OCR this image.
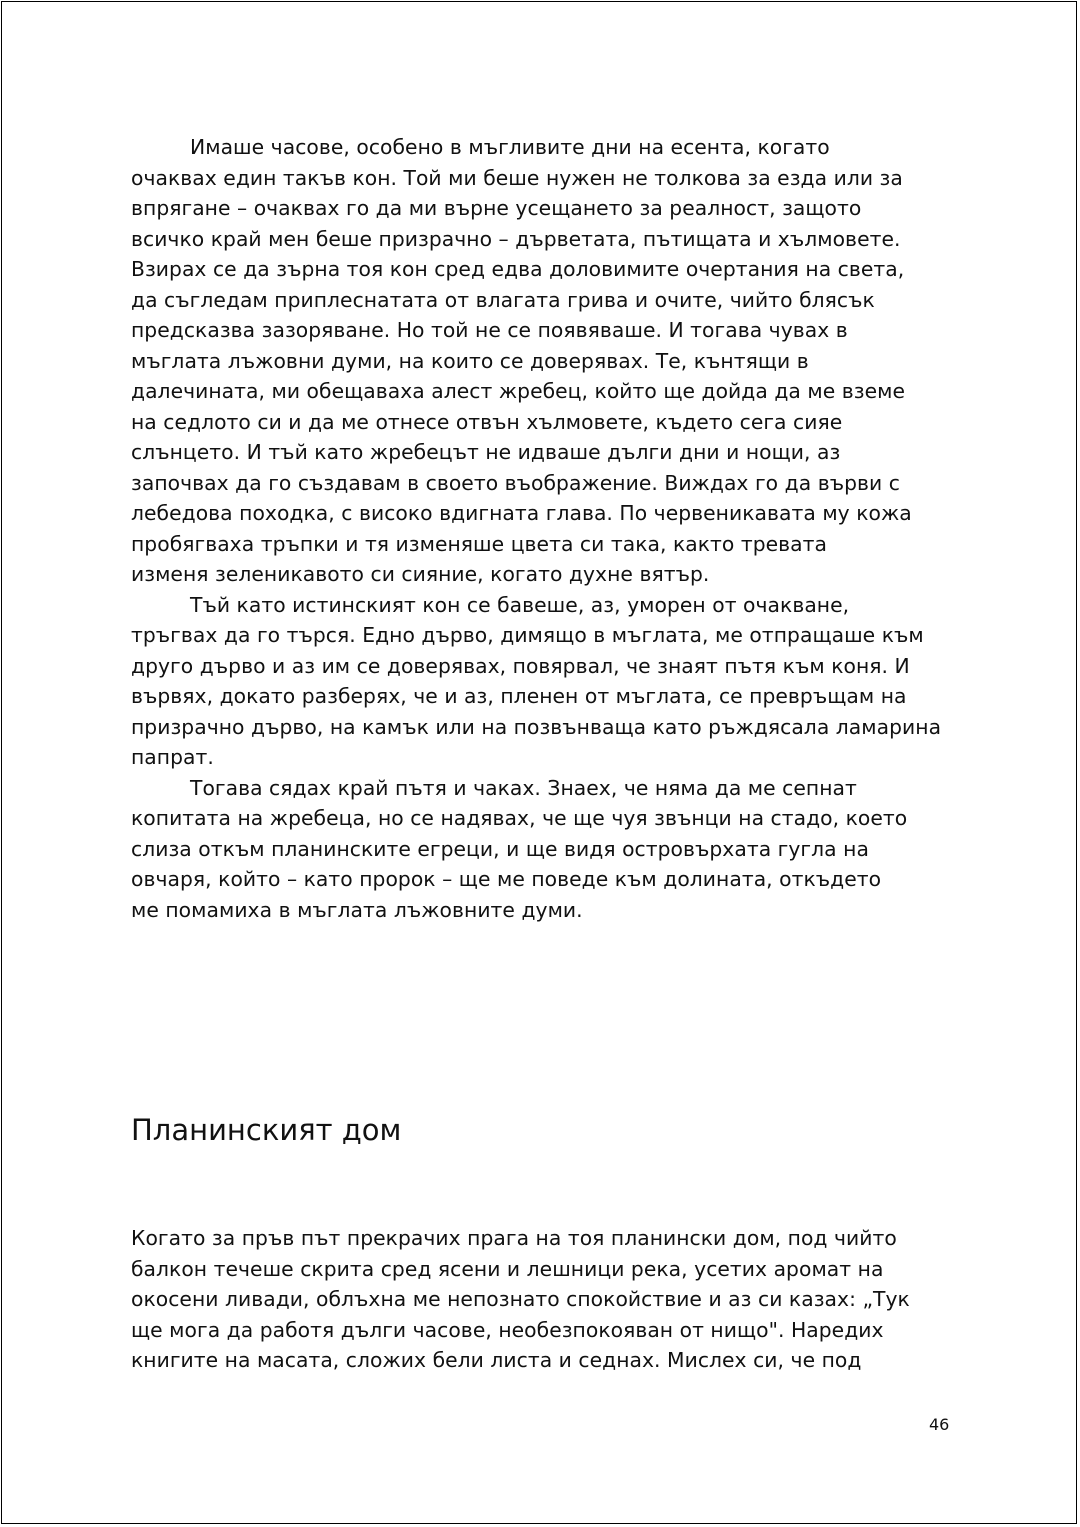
Имаше часове, особено в мъгливите дни на есента, когато
очаквах един такъв кон. Той ми беше нужен не толкова за езда или за
впрягане – очаквах го да ми върне усещането за реалност, защото
всичко край мен беше призрачно – дърветата, пътищата и хълмовете.
Взирах се да зърна тоя кон сред едва доловимите очертания на света,
да съгледам приплеснатата от влагата грива и очите, чийто блясък
предсказва зазоряване. Но той не се появяваше. И тогава чувах в
мъглата лъжовни думи, на които се доверявах. Те, кънтящи в
далечината, ми обещаваха алест жребец, който ще дойда да ме вземе
на седлото си и да ме отнесе отвън хълмовете, където сега сияе
слънцето. И тъй като жребецът не идваше дълги дни и нощи, аз
започвах да го създавам в своето въображение. Виждах го да върви с
лебедова походка, с високо вдигната глава. По червеникавата му кожа
пробягваха тръпки и тя изменяше цвета си така, както тревата
изменя зеленикавото си сияние, когато духне вятър.
Тъй като истинският кон се бавеше, аз, уморен от очакване,
тръгвах да го търся. Едно дърво, димящо в мъглата, ме отпращаше към
друго дърво и аз им се доверявах, повярвал, че знаят пътя към коня. И
вървях, докато разберях, че и аз, пленен от мъглата, се превръщам на
призрачно дърво, на камък или на позвънваща като ръждясала ламарина
папрат.
Тогава сядах край пътя и чаках. Знаех, че няма да ме сепнат
копитата на жребеца, но се надявах, че ще чуя звънци на стадо, което
слиза откъм планинските егреци, и ще видя островърхата гугла на
овчаря, който – като пророк – ще ме поведе към долината, откъдето
ме помамиха в мъглата лъжовните думи.
Планинският дом
Когато за пръв път прекрачих прага на тоя планински дом, под чийто
балкон течеше скрита сред ясени и лешници река, усетих аромат на
окосени ливади, облъхна ме непознато спокойствие и аз си казах: „Тук
ще мога да работя дълги часове, необезпокояван от нищо". Наредих
книгите на масата, сложих бели листа и седнах. Мислех си, че под
46
